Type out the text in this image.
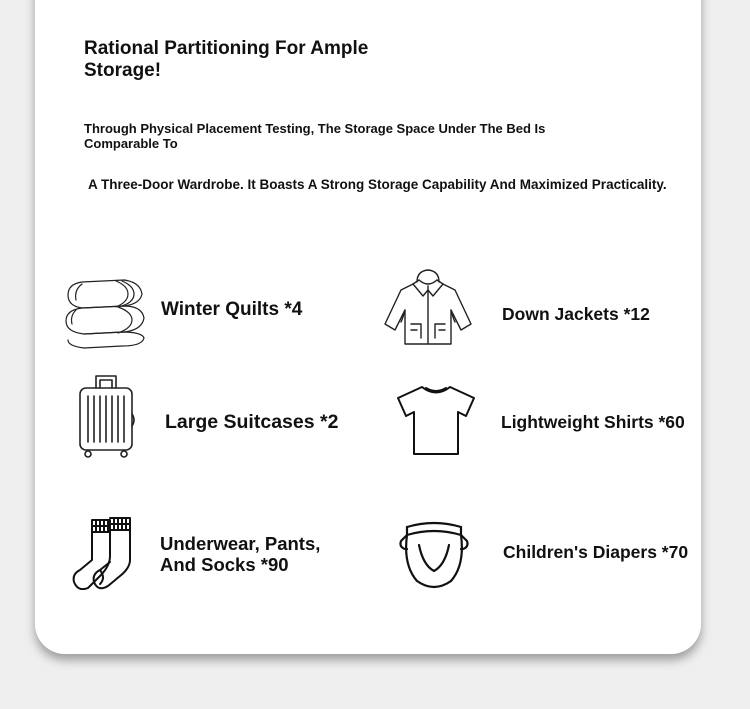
Rational Partitioning For Ample Storage!

Through Physical Placement Testing, The Storage Space Under The Bed Is Comparable To

A Three-Door Wardrobe. It Boasts A Strong Storage Capability And Maximized Practicality.

Winter Quilts *4	Down Jackets *12

Large Suitcases *2	Lightweight Shirts *60

Underwear, Pants, And Socks *90

Children's Diapers *70
